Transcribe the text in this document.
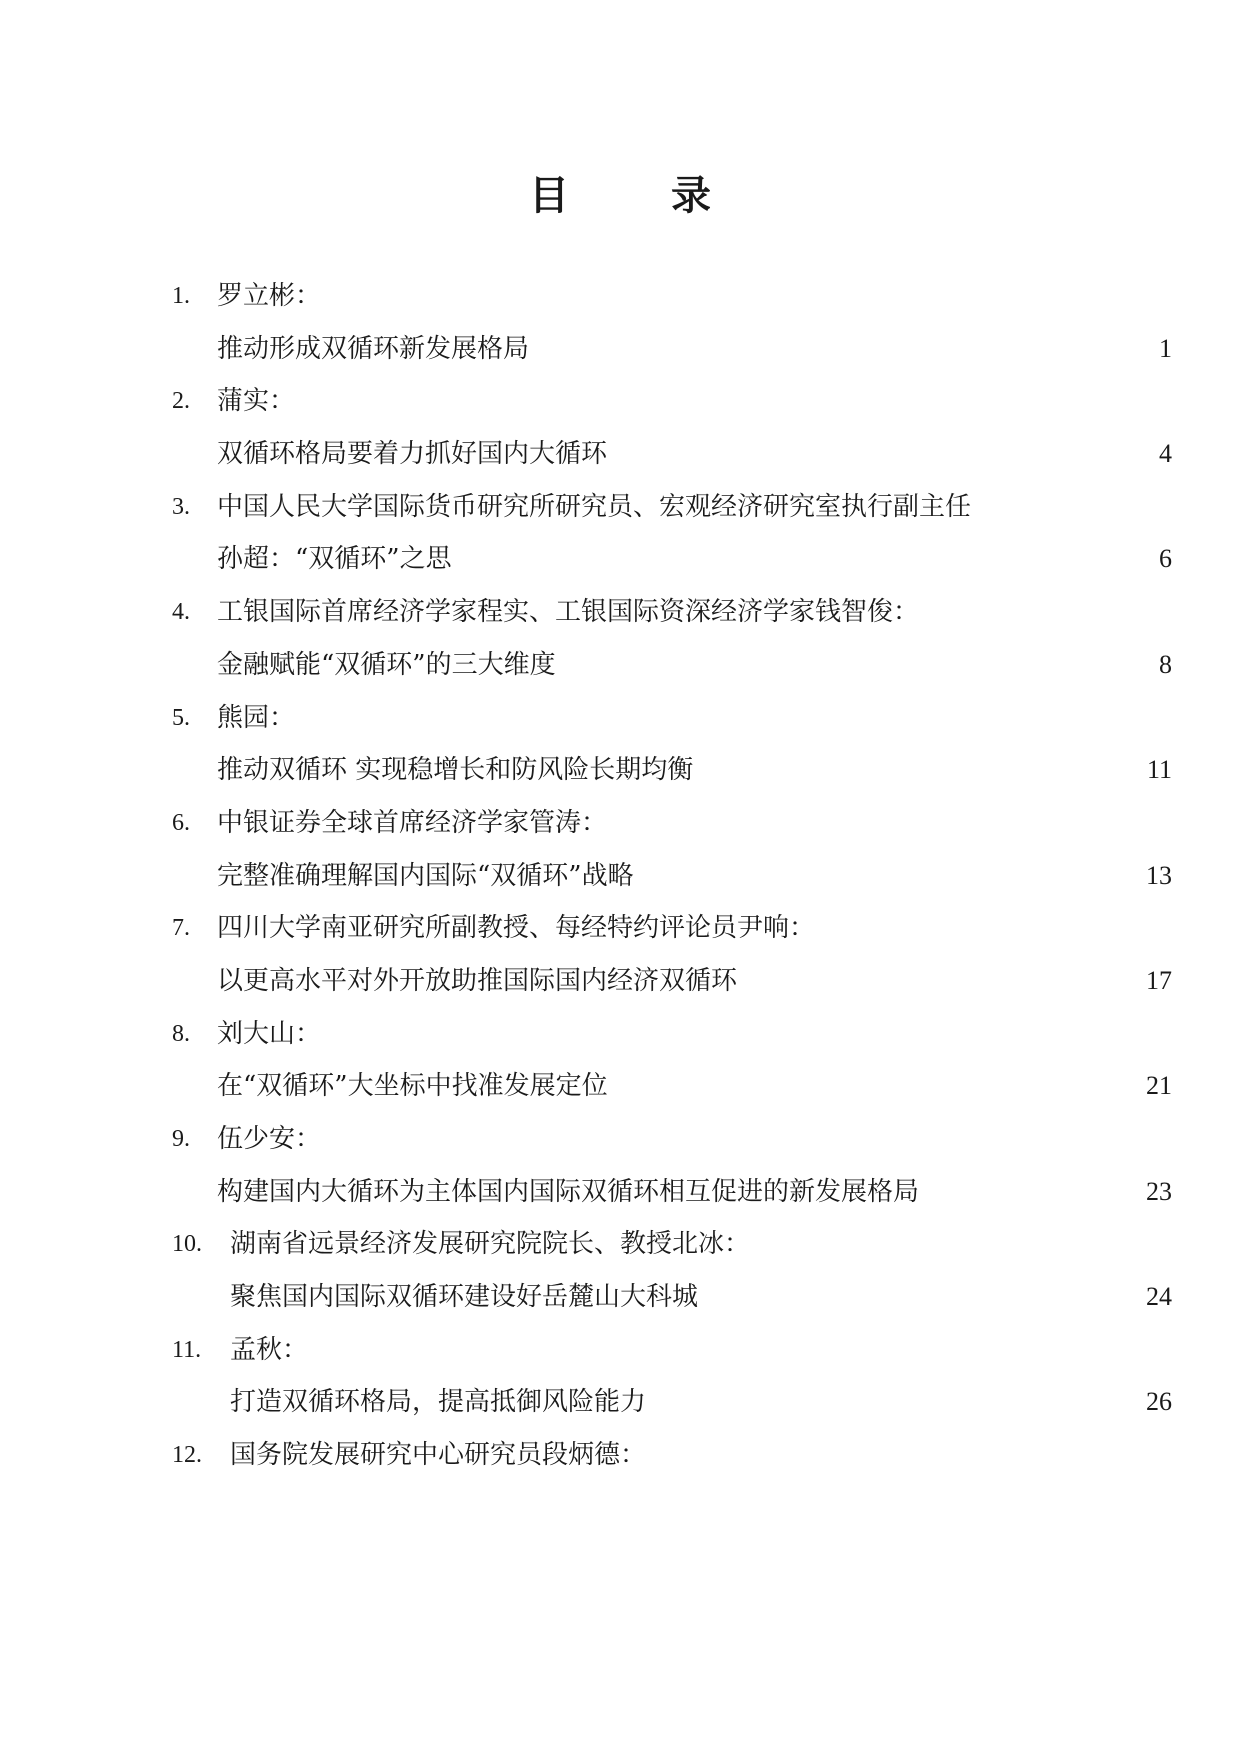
目 录
1. 罗立彬：
推动形成双循环新发展格局	1
2. 蒲实：
双循环格局要着力抓好国内大循环	4
3. 中国人民大学国际货币研究所研究员、宏观经济研究室执行副主任
孙超：“双循环”之思	6
4. 工银国际首席经济学家程实、工银国际资深经济学家钱智俊：
金融赋能“双循环”的三大维度	8
5. 熊园：
推动双循环 实现稳增长和防风险长期均衡	11
6. 中银证券全球首席经济学家管涛：
完整准确理解国内国际“双循环”战略	13
7. 四川大学南亚研究所副教授、每经特约评论员尹响：
以更高水平对外开放助推国际国内经济双循环	17
8. 刘大山：
在“双循环”大坐标中找准发展定位	21
9. 伍少安：
构建国内大循环为主体国内国际双循环相互促进的新发展格局	23
10. 湖南省远景经济发展研究院院长、教授北冰：
聚焦国内国际双循环建设好岳麓山大科城	24
11. 孟秋：
打造双循环格局，提高抵御风险能力	26
12. 国务院发展研究中心研究员段炳德：
